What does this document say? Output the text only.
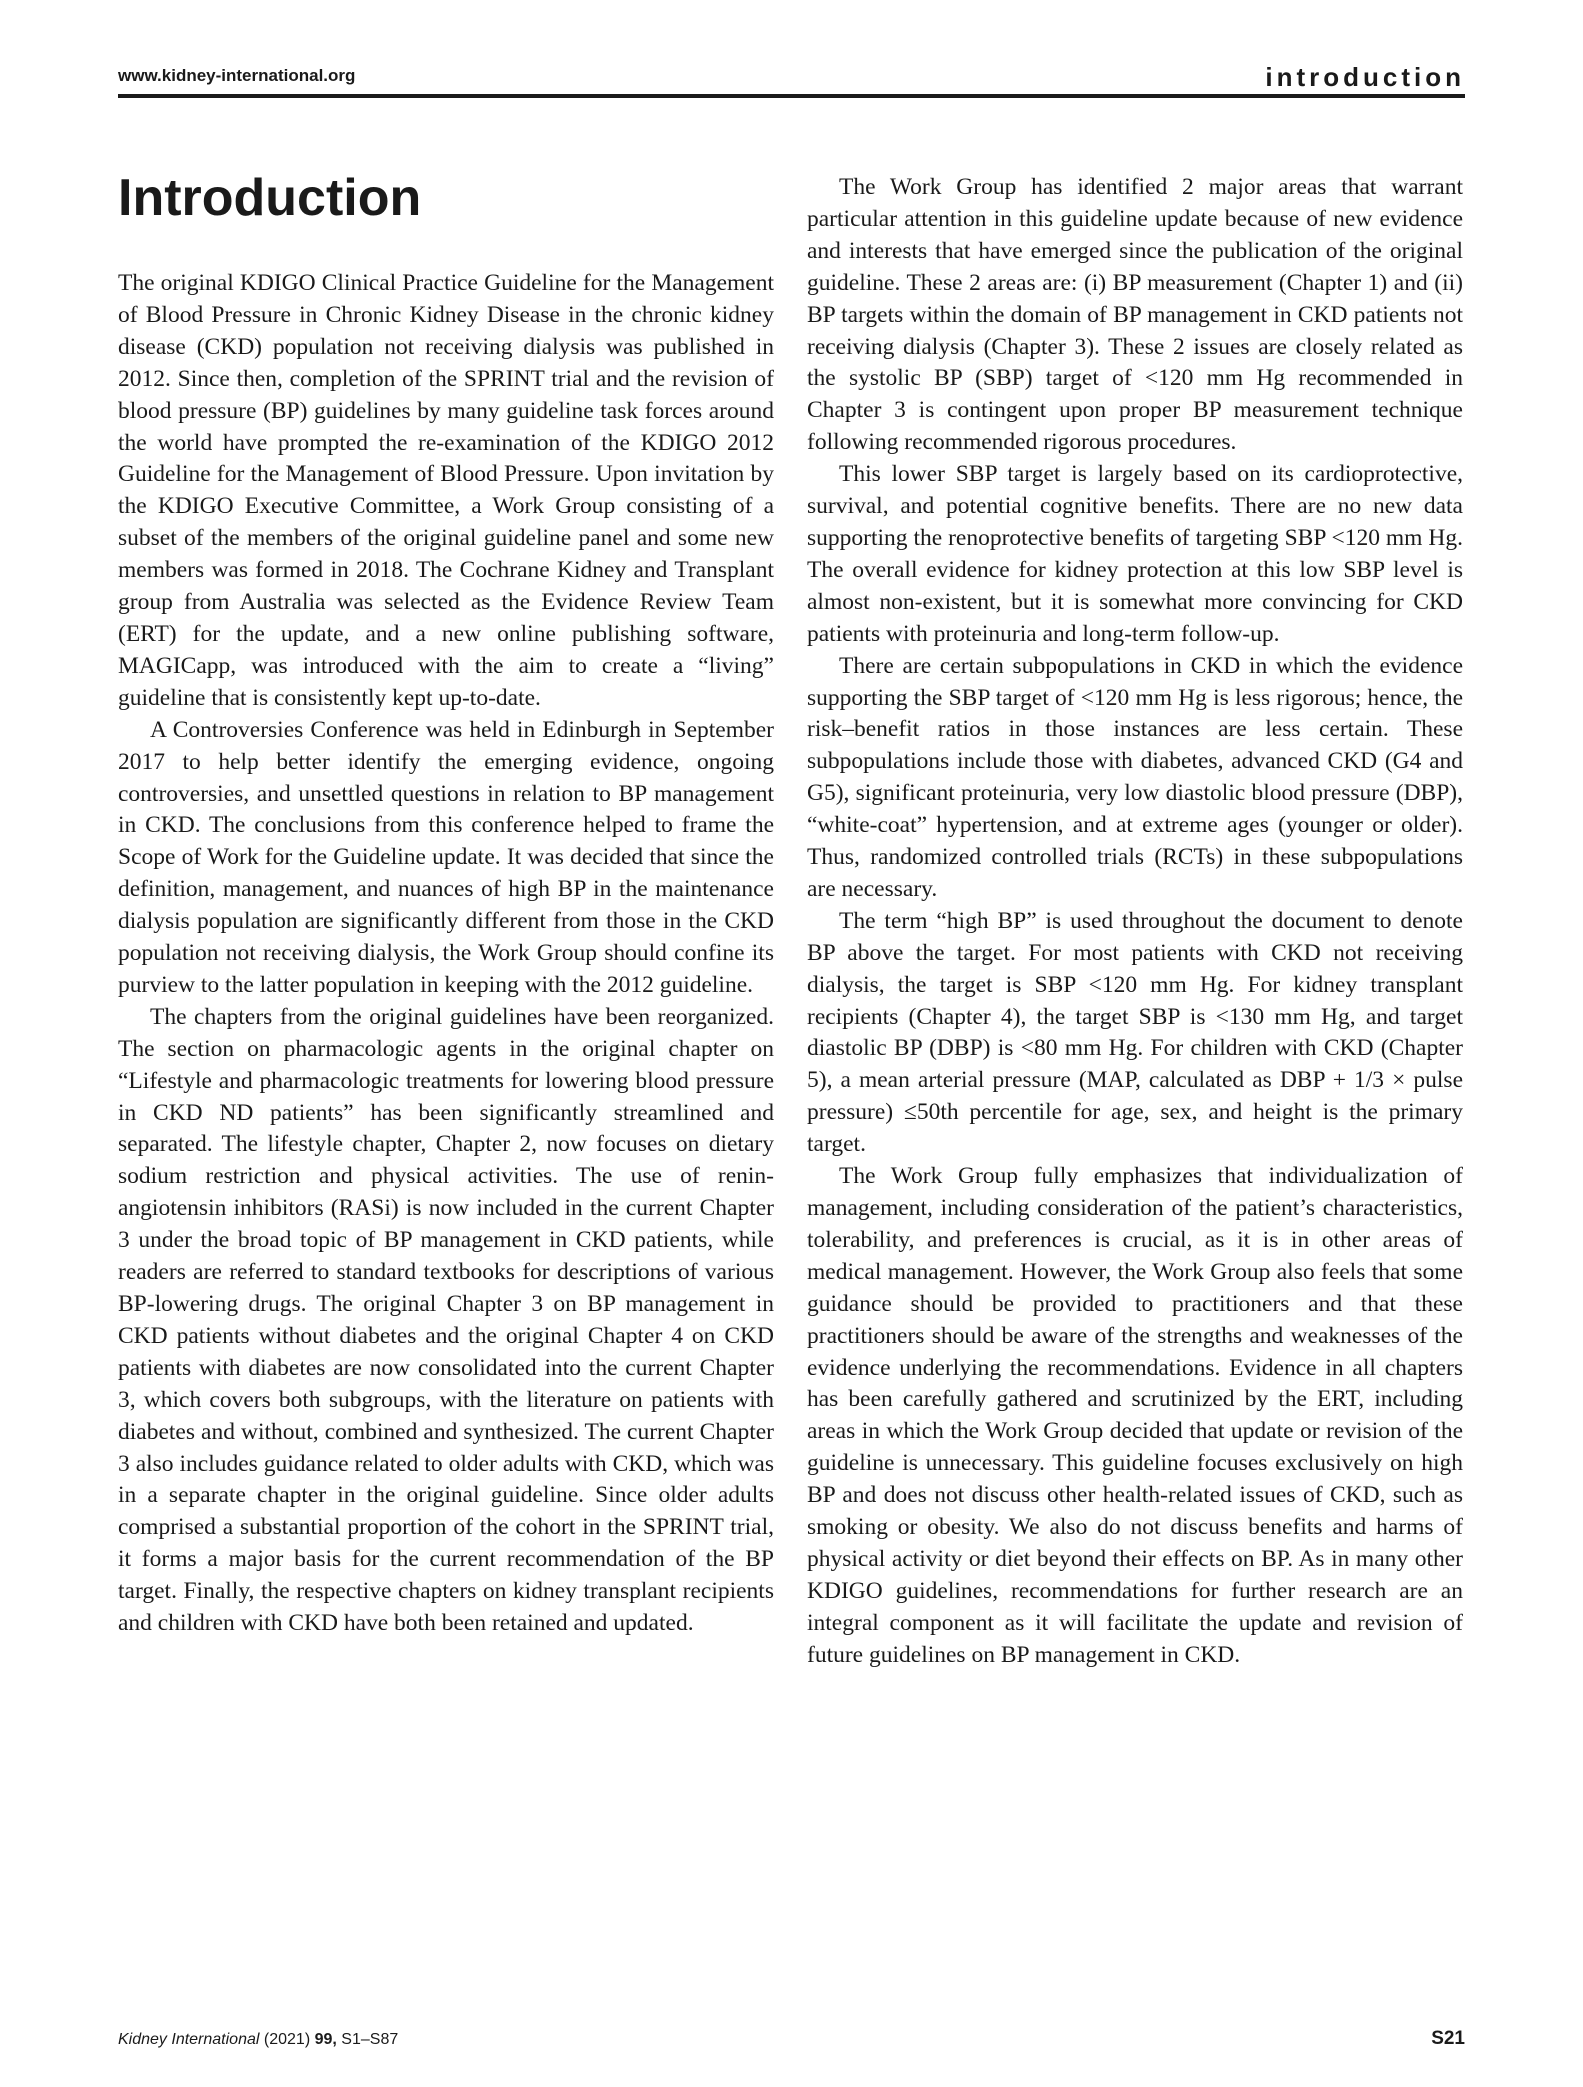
www.kidney-international.org	introduction
Introduction

The original KDIGO Clinical Practice Guideline for the Management of Blood Pressure in Chronic Kidney Disease in the chronic kidney disease (CKD) population not receiving dialysis was published in 2012. Since then, completion of the SPRINT trial and the revision of blood pressure (BP) guidelines by many guideline task forces around the world have prompted the re-examination of the KDIGO 2012 Guideline for the Management of Blood Pressure. Upon invitation by the KDIGO Executive Committee, a Work Group consisting of a subset of the members of the original guideline panel and some new members was formed in 2018. The Cochrane Kidney and Transplant group from Australia was selected as the Evidence Review Team (ERT) for the update, and a new online publishing software, MAGICapp, was introduced with the aim to create a “living” guideline that is consistently kept up-to-date.

A Controversies Conference was held in Edinburgh in September 2017 to help better identify the emerging evidence, ongoing controversies, and unsettled questions in relation to BP management in CKD. The conclusions from this conference helped to frame the Scope of Work for the Guideline update. It was decided that since the definition, management, and nuances of high BP in the maintenance dialysis population are significantly different from those in the CKD population not receiving dialysis, the Work Group should confine its purview to the latter population in keeping with the 2012 guideline.

The chapters from the original guidelines have been reorganized. The section on pharmacologic agents in the original chapter on “Lifestyle and pharmacologic treatments for lowering blood pressure in CKD ND patients” has been significantly streamlined and separated. The lifestyle chapter, Chapter 2, now focuses on dietary sodium restriction and physical activities. The use of renin-angiotensin inhibitors (RASi) is now included in the current Chapter 3 under the broad topic of BP management in CKD patients, while readers are referred to standard textbooks for descriptions of various BP-lowering drugs. The original Chapter 3 on BP management in CKD patients without diabetes and the original Chapter 4 on CKD patients with diabetes are now consolidated into the current Chapter 3, which covers both subgroups, with the literature on patients with diabetes and without, combined and synthesized. The current Chapter 3 also includes guidance related to older adults with CKD, which was in a separate chapter in the original guideline. Since older adults comprised a substantial proportion of the cohort in the SPRINT trial, it forms a major basis for the current recommendation of the BP target. Finally, the respective chapters on kidney transplant recipients and children with CKD have both been retained and updated.

The Work Group has identified 2 major areas that warrant particular attention in this guideline update because of new evidence and interests that have emerged since the publication of the original guideline. These 2 areas are: (i) BP measurement (Chapter 1) and (ii) BP targets within the domain of BP management in CKD patients not receiving dialysis (Chapter 3). These 2 issues are closely related as the systolic BP (SBP) target of <120 mm Hg recommended in Chapter 3 is contingent upon proper BP measurement technique following recommended rigorous procedures.

This lower SBP target is largely based on its cardioprotective, survival, and potential cognitive benefits. There are no new data supporting the renoprotective benefits of targeting SBP <120 mm Hg. The overall evidence for kidney protection at this low SBP level is almost non-existent, but it is somewhat more convincing for CKD patients with proteinuria and long-term follow-up.

There are certain subpopulations in CKD in which the evidence supporting the SBP target of <120 mm Hg is less rigorous; hence, the risk–benefit ratios in those instances are less certain. These subpopulations include those with diabetes, advanced CKD (G4 and G5), significant proteinuria, very low diastolic blood pressure (DBP), “white-coat” hypertension, and at extreme ages (younger or older). Thus, randomized controlled trials (RCTs) in these subpopulations are necessary.

The term “high BP” is used throughout the document to denote BP above the target. For most patients with CKD not receiving dialysis, the target is SBP <120 mm Hg. For kidney transplant recipients (Chapter 4), the target SBP is <130 mm Hg, and target diastolic BP (DBP) is <80 mm Hg. For children with CKD (Chapter 5), a mean arterial pressure (MAP, calculated as DBP + 1/3 × pulse pressure) ≤50th percentile for age, sex, and height is the primary target.

The Work Group fully emphasizes that individualization of management, including consideration of the patient’s characteristics, tolerability, and preferences is crucial, as it is in other areas of medical management. However, the Work Group also feels that some guidance should be provided to practitioners and that these practitioners should be aware of the strengths and weaknesses of the evidence underlying the recommendations. Evidence in all chapters has been carefully gathered and scrutinized by the ERT, including areas in which the Work Group decided that update or revision of the guideline is unnecessary. This guideline focuses exclusively on high BP and does not discuss other health-related issues of CKD, such as smoking or obesity. We also do not discuss benefits and harms of physical activity or diet beyond their effects on BP. As in many other KDIGO guidelines, recommendations for further research are an integral component as it will facilitate the update and revision of future guidelines on BP management in CKD.

Kidney International (2021) 99, S1–S87	S21
